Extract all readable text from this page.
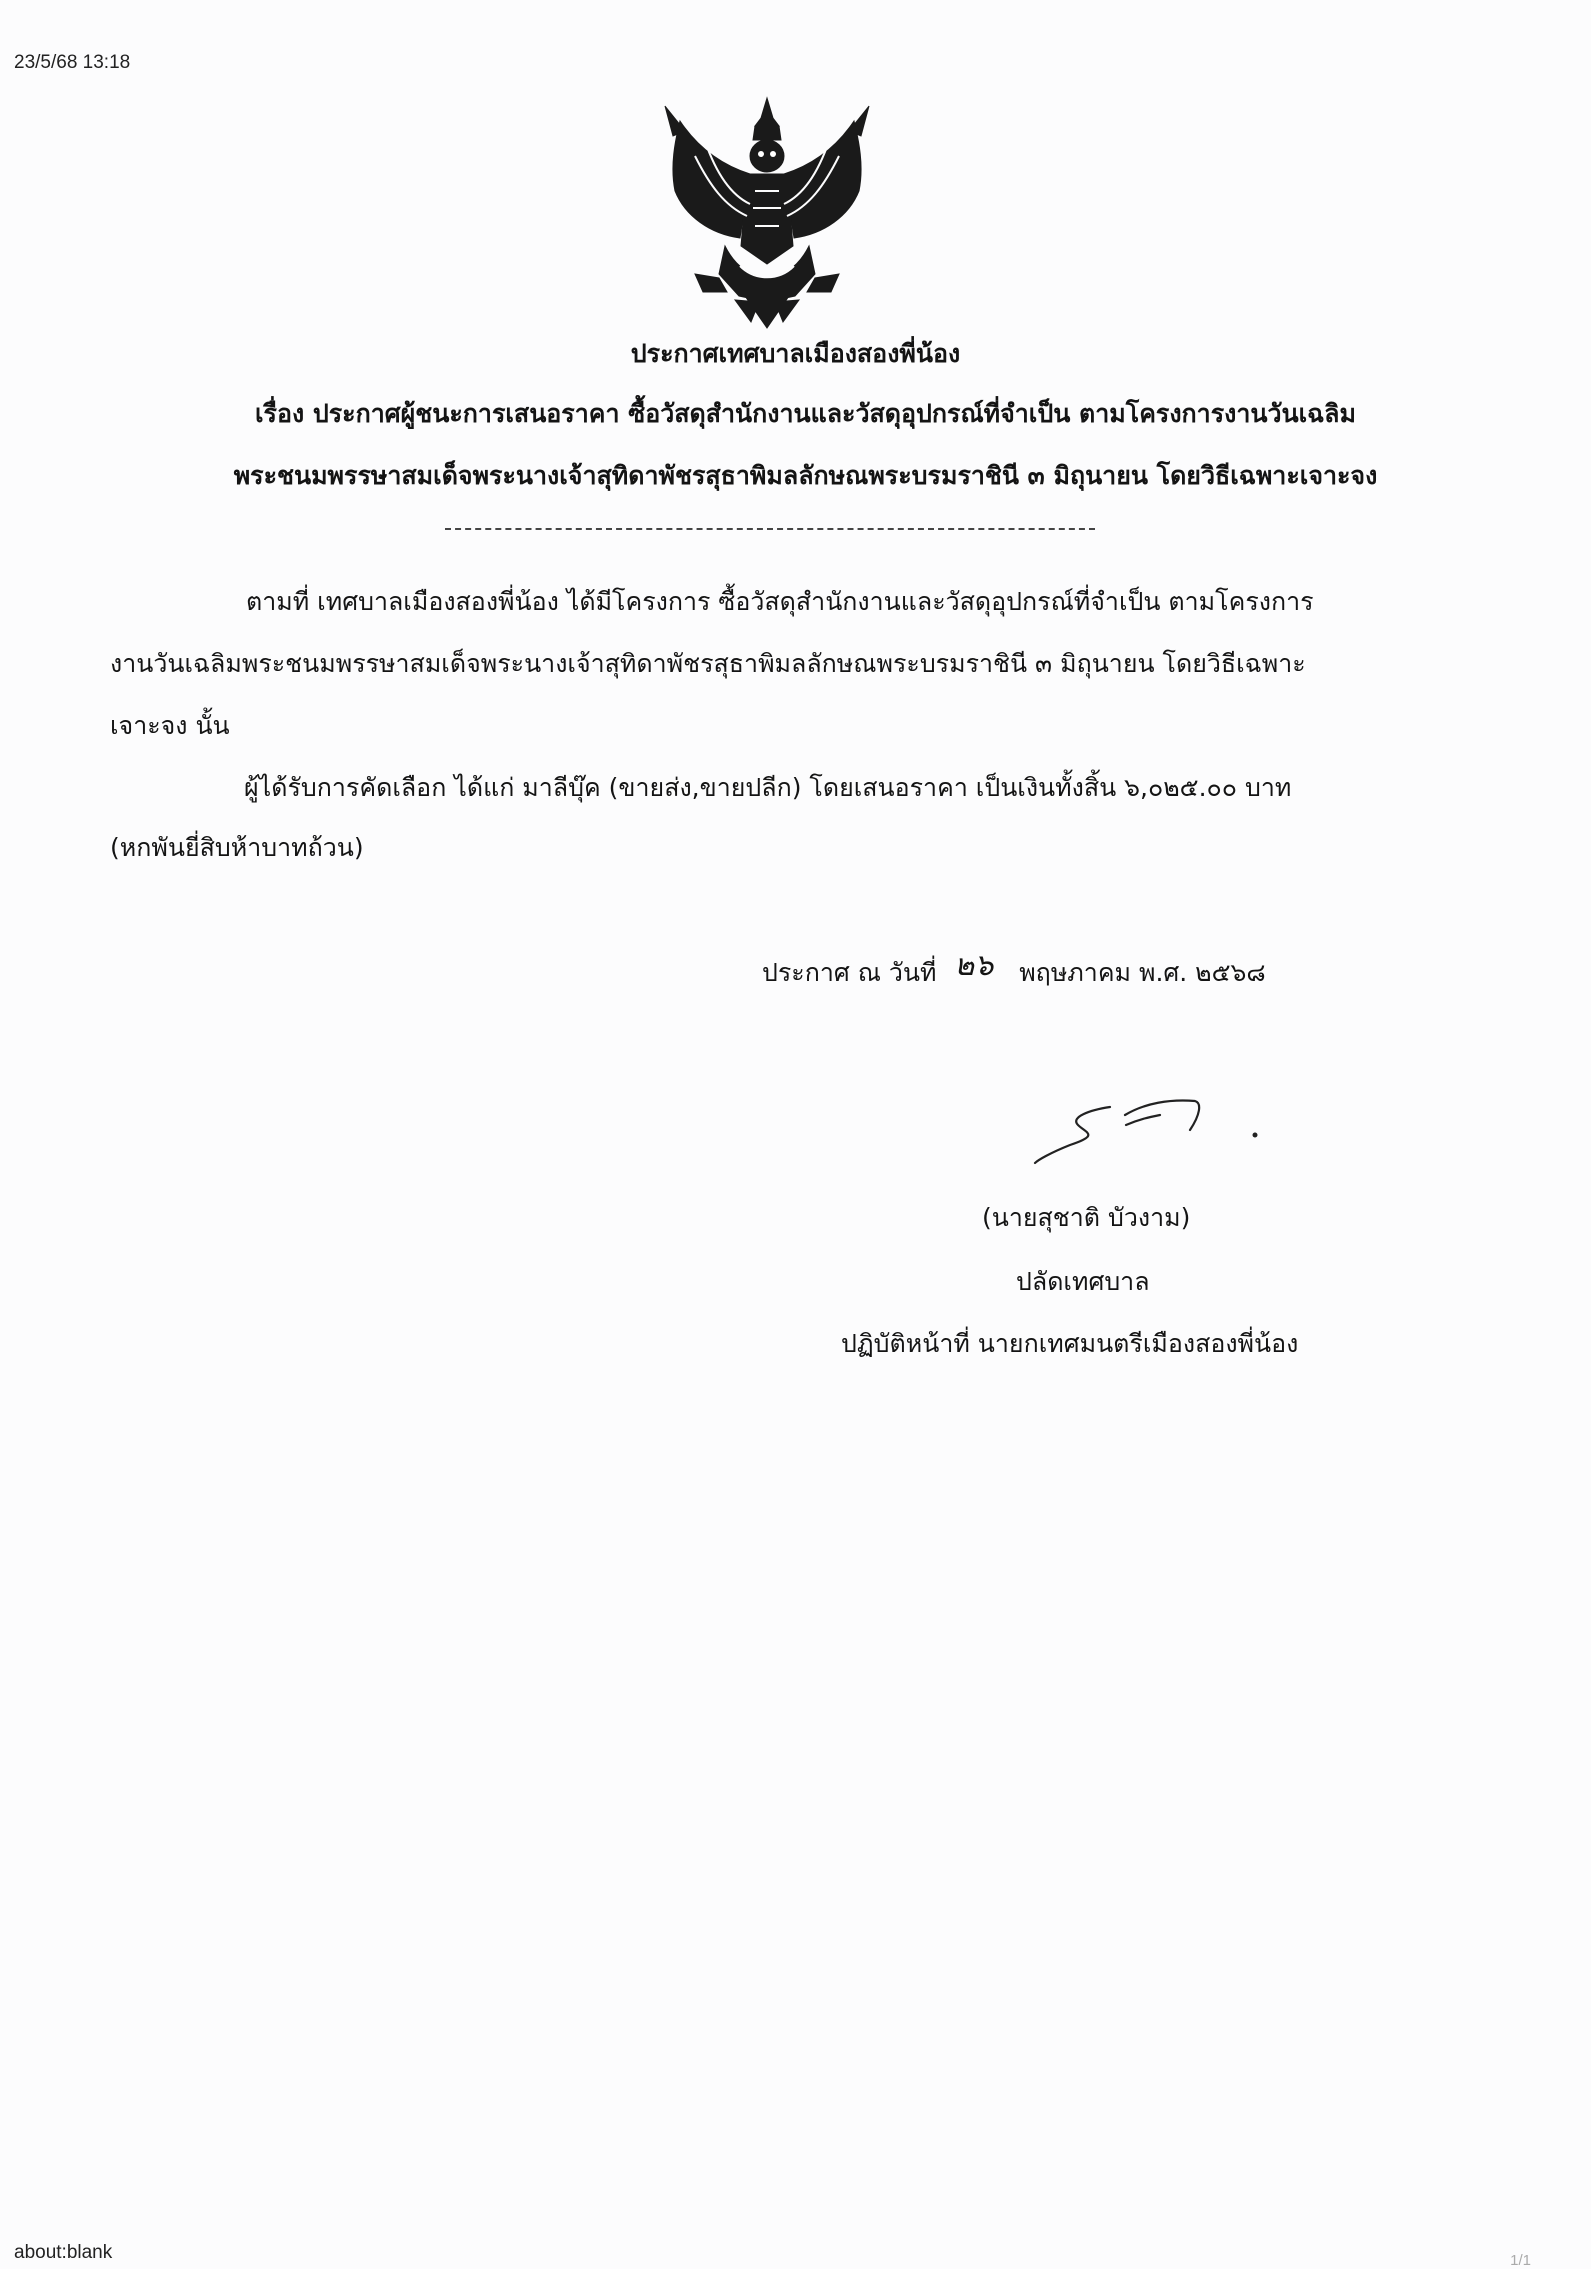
23/5/68 13:18
ประกาศเทศบาลเมืองสองพี่น้อง
เรื่อง ประกาศผู้ชนะการเสนอราคา ซื้อวัสดุสำนักงานและวัสดุอุปกรณ์ที่จำเป็น ตามโครงการงานวันเฉลิม
พระชนมพรรษาสมเด็จพระนางเจ้าสุทิดาพัชรสุธาพิมลลักษณพระบรมราชินี ๓ มิถุนายน โดยวิธีเฉพาะเจาะจง
ตามที่ เทศบาลเมืองสองพี่น้อง ได้มีโครงการ ซื้อวัสดุสำนักงานและวัสดุอุปกรณ์ที่จำเป็น ตามโครงการ
งานวันเฉลิมพระชนมพรรษาสมเด็จพระนางเจ้าสุทิดาพัชรสุธาพิมลลักษณพระบรมราชินี ๓ มิถุนายน โดยวิธีเฉพาะ
เจาะจง นั้น
ผู้ได้รับการคัดเลือก ได้แก่ มาลีบุ๊ค (ขายส่ง,ขายปลีก) โดยเสนอราคา เป็นเงินทั้งสิ้น ๖,๐๒๕.๐๐ บาท
(หกพันยี่สิบห้าบาทถ้วน)
ประกาศ ณ วันที่ ๒๖ พฤษภาคม พ.ศ. ๒๕๖๘
(นายสุชาติ บัวงาม)
ปลัดเทศบาล
ปฏิบัติหน้าที่ นายกเทศมนตรีเมืองสองพี่น้อง
about:blank	1/1
